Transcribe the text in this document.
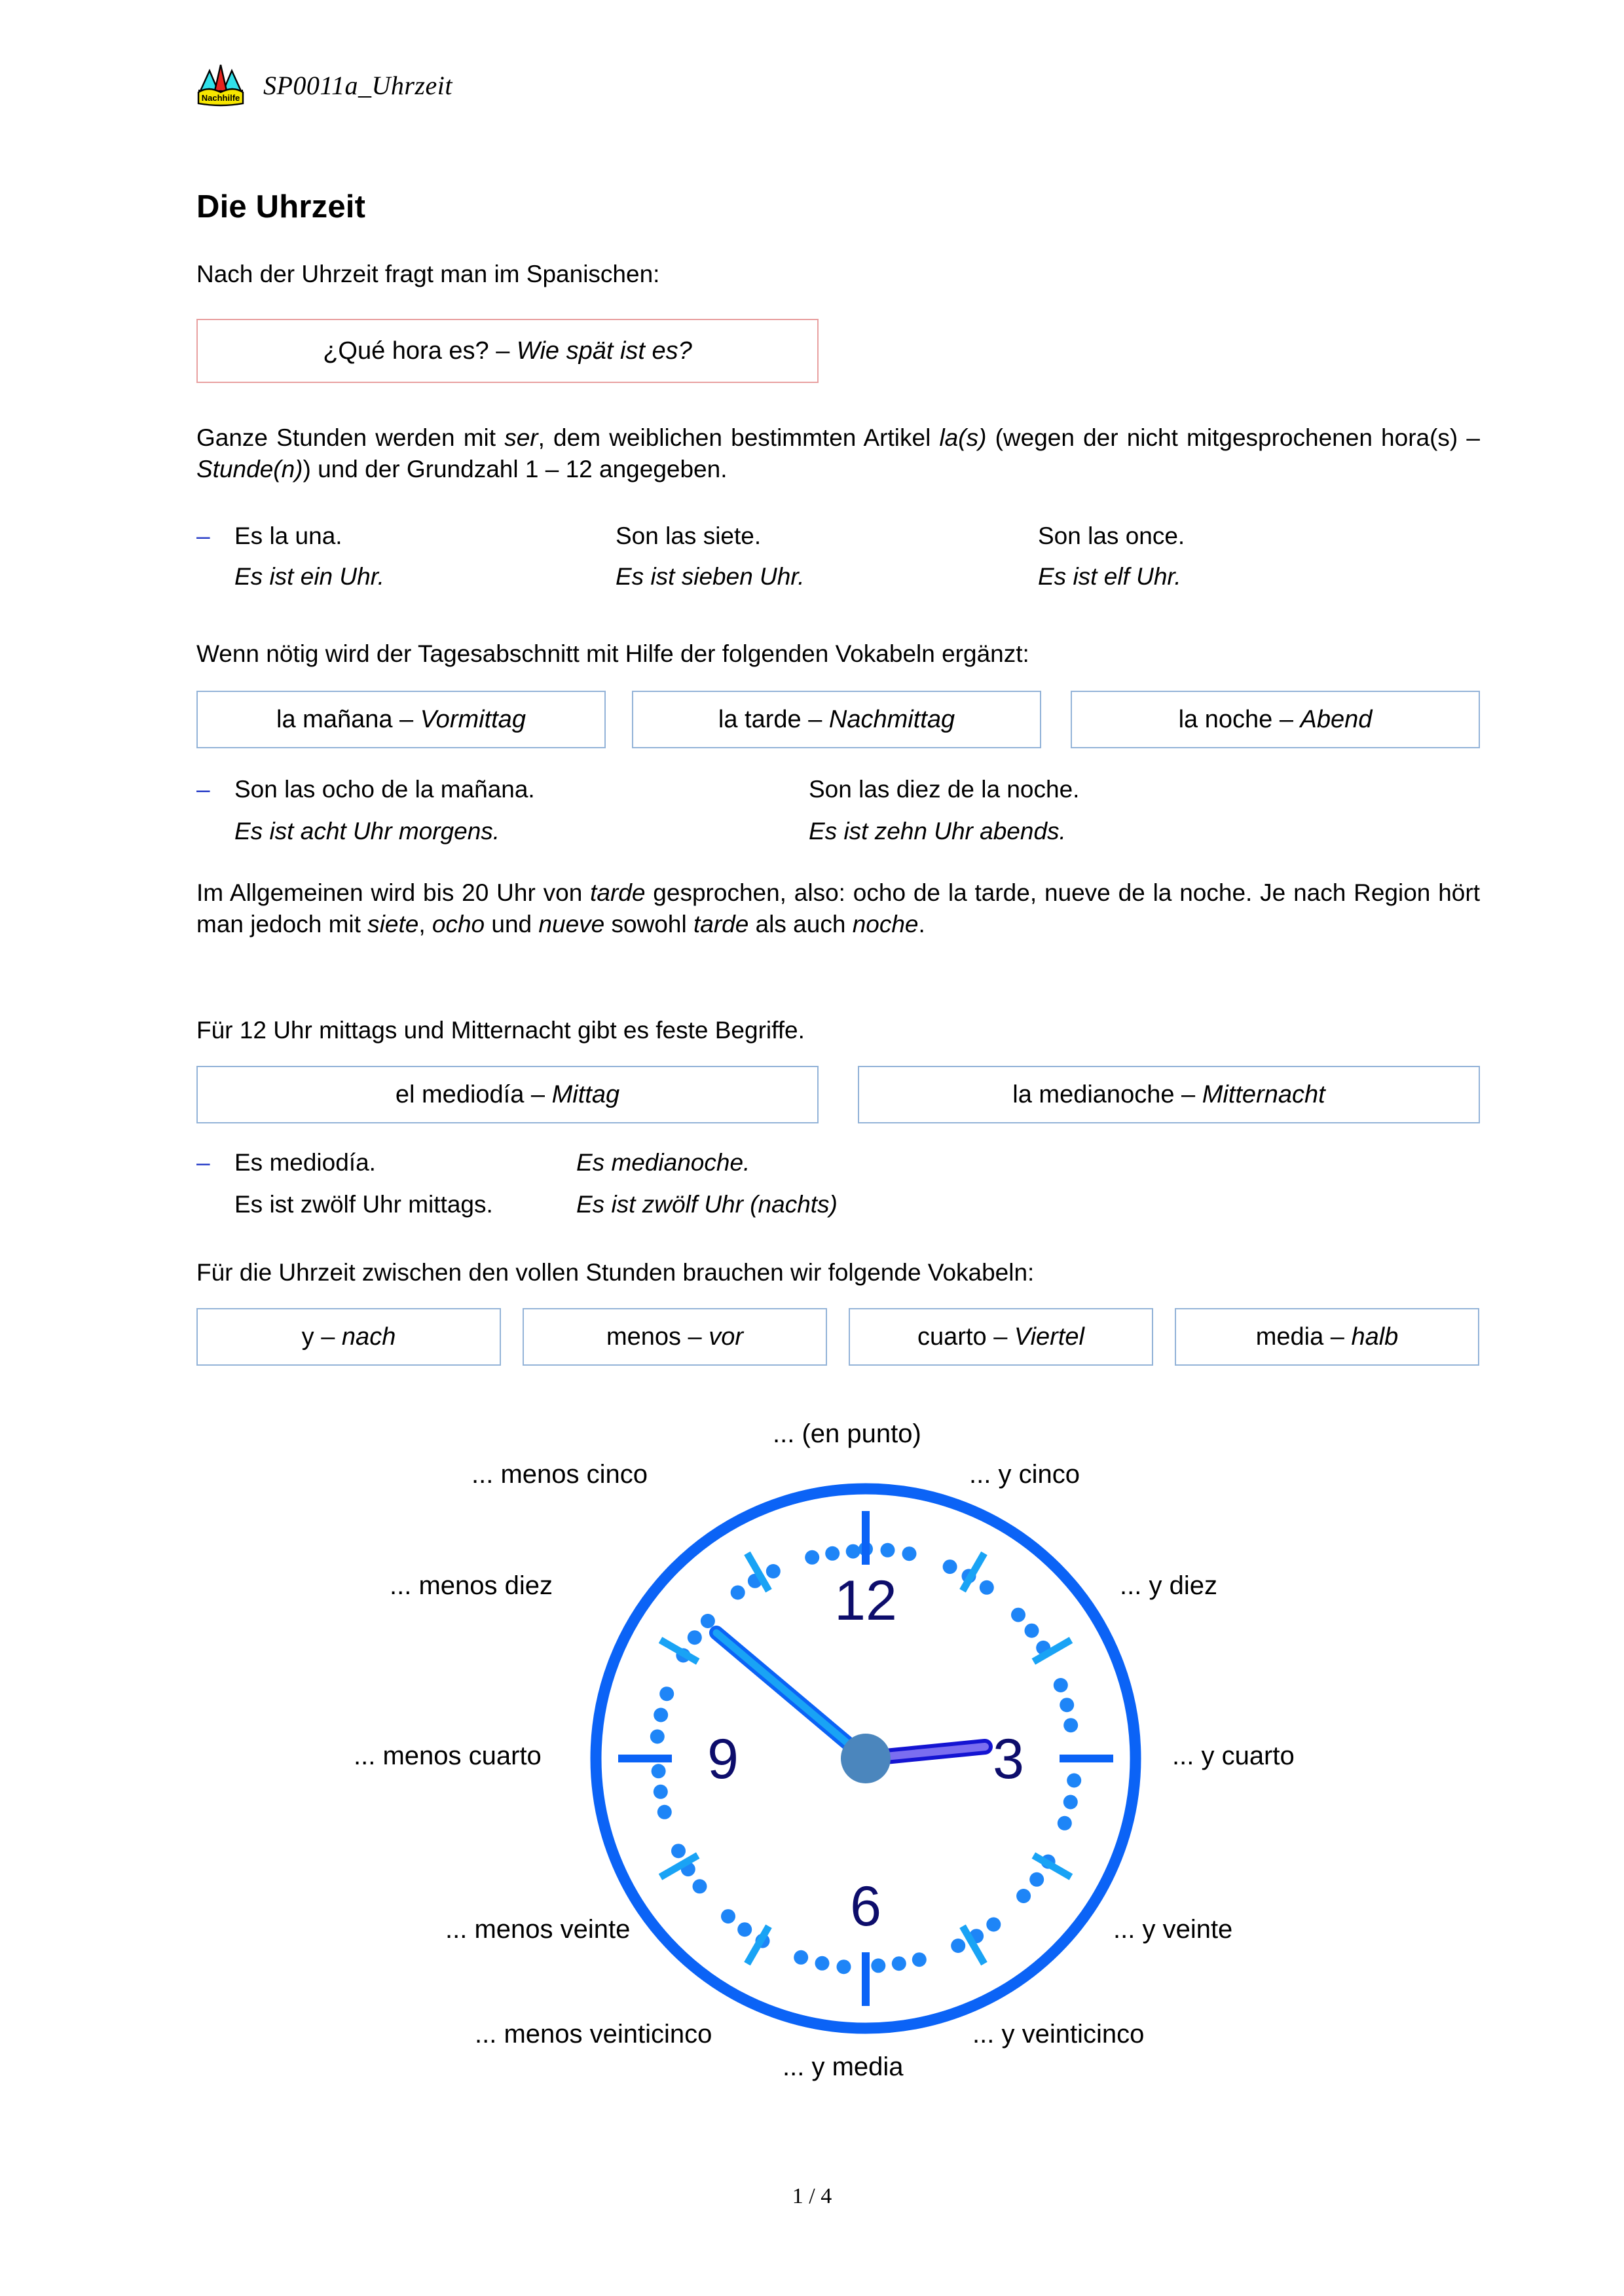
Nachhilfe SP0011a_Uhrzeit
Die Uhrzeit

Nach der Uhrzeit fragt man im Spanischen:

¿Qué hora es? – Wie spät ist es?

Ganze Stunden werden mit ser, dem weiblichen bestimmten Artikel la(s) (wegen der nicht mitgesprochenen hora(s) – Stunde(n)) und der Grundzahl 1 – 12 angegeben.

– Es la una.	Son las siete.	Son las once.
Es ist ein Uhr.	Es ist sieben Uhr.	Es ist elf Uhr.

Wenn nötig wird der Tagesabschnitt mit Hilfe der folgenden Vokabeln ergänzt:

la mañana – Vormittag	la tarde – Nachmittag	la noche – Abend
– Son las ocho de la mañana.	Son las diez de la noche.
Es ist acht Uhr morgens.	Es ist zehn Uhr abends.

Im Allgemeinen wird bis 20 Uhr von tarde gesprochen, also: ocho de la tarde, nueve de la noche. Je nach Region hört man jedoch mit siete, ocho und nueve sowohl tarde als auch noche.

Für 12 Uhr mittags und Mitternacht gibt es feste Begriffe.

el mediodía – Mittag	la medianoche – Mitternacht
– Es mediodía.	Es medianoche.
Es ist zwölf Uhr mittags.	Es ist zwölf Uhr (nachts)

Für die Uhrzeit zwischen den vollen Stunden brauchen wir folgende Vokabeln:

y – nach	menos – vor	cuarto – Viertel	media – halb
12
3
6
9
... (en punto)
... y cinco
... y diez
... y cuarto
... y veinte
... y veinticinco
... y media
... menos veinticinco
... menos veinte
... menos cuarto
... menos diez
... menos cinco
1 / 4
